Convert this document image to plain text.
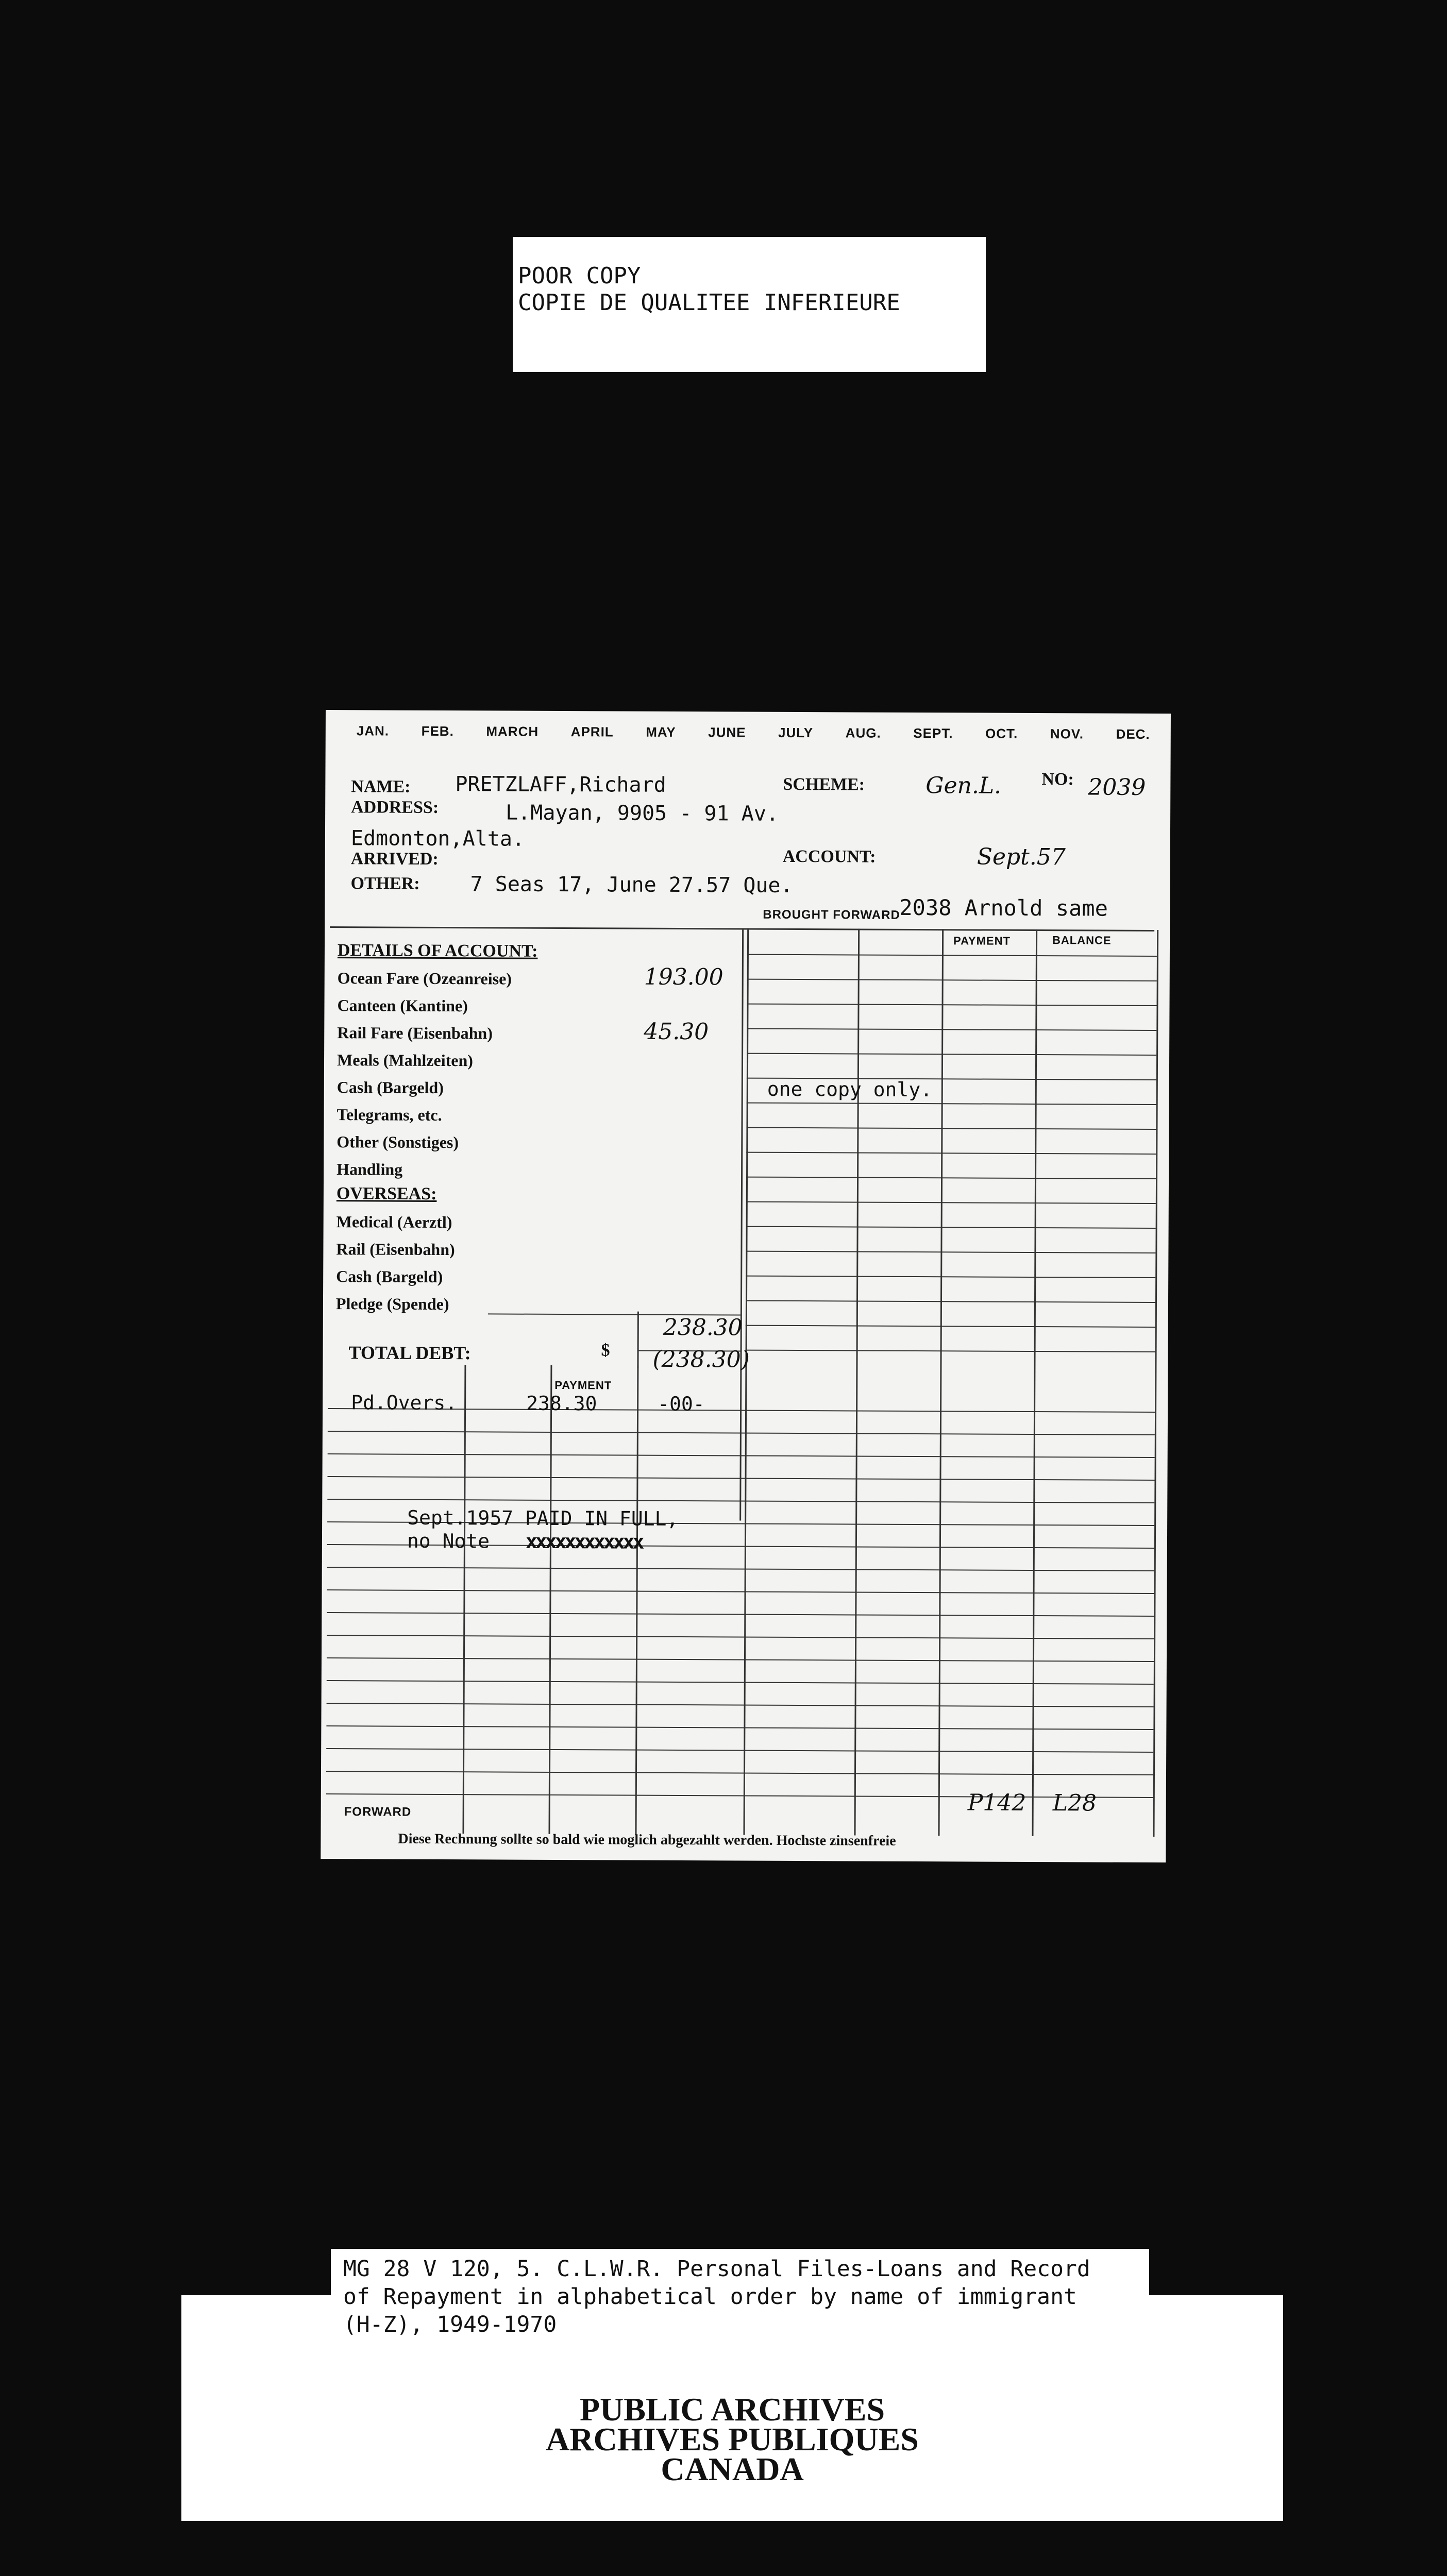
POOR COPY
COPIE DE QUALITEE INFERIEURE
JAN. FEB. MARCH APRIL MAY JUNE JULY AUG. SEPT. OCT. NOV. DEC.
NAME: PRETZLAFF,Richard	SCHEME:	Gen.L. NO: 2039
ADDRESS:	L.Mayan, 9905 - 91 Av.
Edmonton,Alta.
ARRIVED:	ACCOUNT:	Sept.57
OTHER: 7 Seas 17, June 27.57 Que.
BROUGHT FORWARD
2038 Arnold same
PAYMENT	BALANCE
DETAILS OF ACCOUNT:
Ocean Fare (Ozeanreise)	193.00
Canteen (Kantine)
Rail Fare (Eisenbahn)	45.30
Meals (Mahlzeiten)
Cash (Bargeld)
Telegrams, etc.
Other (Sonstiges)
Handling
OVERSEAS:
Medical (Aerztl)
Rail (Eisenbahn)
Cash (Bargeld)
Pledge (Spende)
one copy only.
TOTAL DEBT:	$
238.30
(238.30)
PAYMENT
Pd.Overs.	238.30	-00-
Sept.1957 PAID IN FULL,
no Note xxxxxxxxxxxx
FORWARD	P142 L28
Diese Rechnung sollte so bald wie moglich abgezahlt werden. Hochste zinsenfreie
PUBLIC ARCHIVES
ARCHIVES PUBLIQUES
CANADA
MG 28 V 120, 5. C.L.W.R. Personal Files-Loans and Record
of Repayment in alphabetical order by name of immigrant
(H-Z), 1949-1970
